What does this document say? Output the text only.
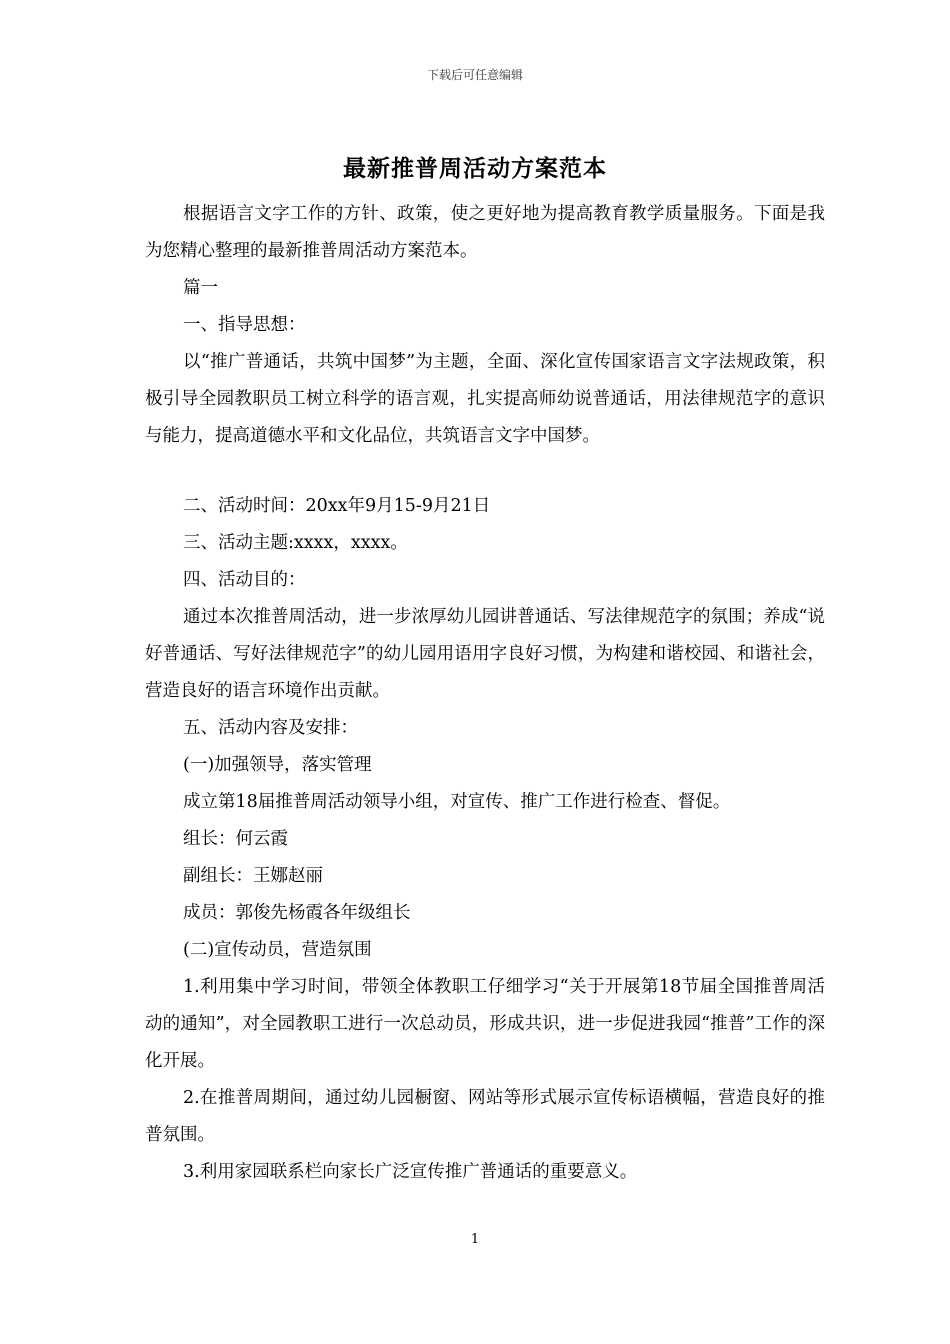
下载后可任意编辑
最新推普周活动方案范本

根据语言文字工作的方针、政策，使之更好地为提高教育教学质量服务。下面是我为您精心整理的最新推普周活动方案范本。

篇一

一、指导思想：

以“推广普通话，共筑中国梦”为主题，全面、深化宣传国家语言文字法规政策，积极引导全园教职员工树立科学的语言观，扎实提高师幼说普通话，用法律规范字的意识与能力，提高道德水平和文化品位，共筑语言文字中国梦。

二、活动时间：20xx年9月15-9月21日

三、活动主题:xxxx，xxxx。

四、活动目的：

通过本次推普周活动，进一步浓厚幼儿园讲普通话、写法律规范字的氛围；养成“说好普通话、写好法律规范字”的幼儿园用语用字良好习惯，为构建和谐校园、和谐社会，营造良好的语言环境作出贡献。

五、活动内容及安排：

(一)加强领导，落实管理

成立第18届推普周活动领导小组，对宣传、推广工作进行检查、督促。

组长：何云霞

副组长：王娜赵丽

成员：郭俊先杨霞各年级组长

(二)宣传动员，营造氛围

1.利用集中学习时间，带领全体教职工仔细学习“关于开展第18节届全国推普周活动的通知”，对全园教职工进行一次总动员，形成共识，进一步促进我园“推普”工作的深化开展。

2.在推普周期间，通过幼儿园橱窗、网站等形式展示宣传标语横幅，营造良好的推普氛围。

3.利用家园联系栏向家长广泛宣传推广普通话的重要意义。

1
